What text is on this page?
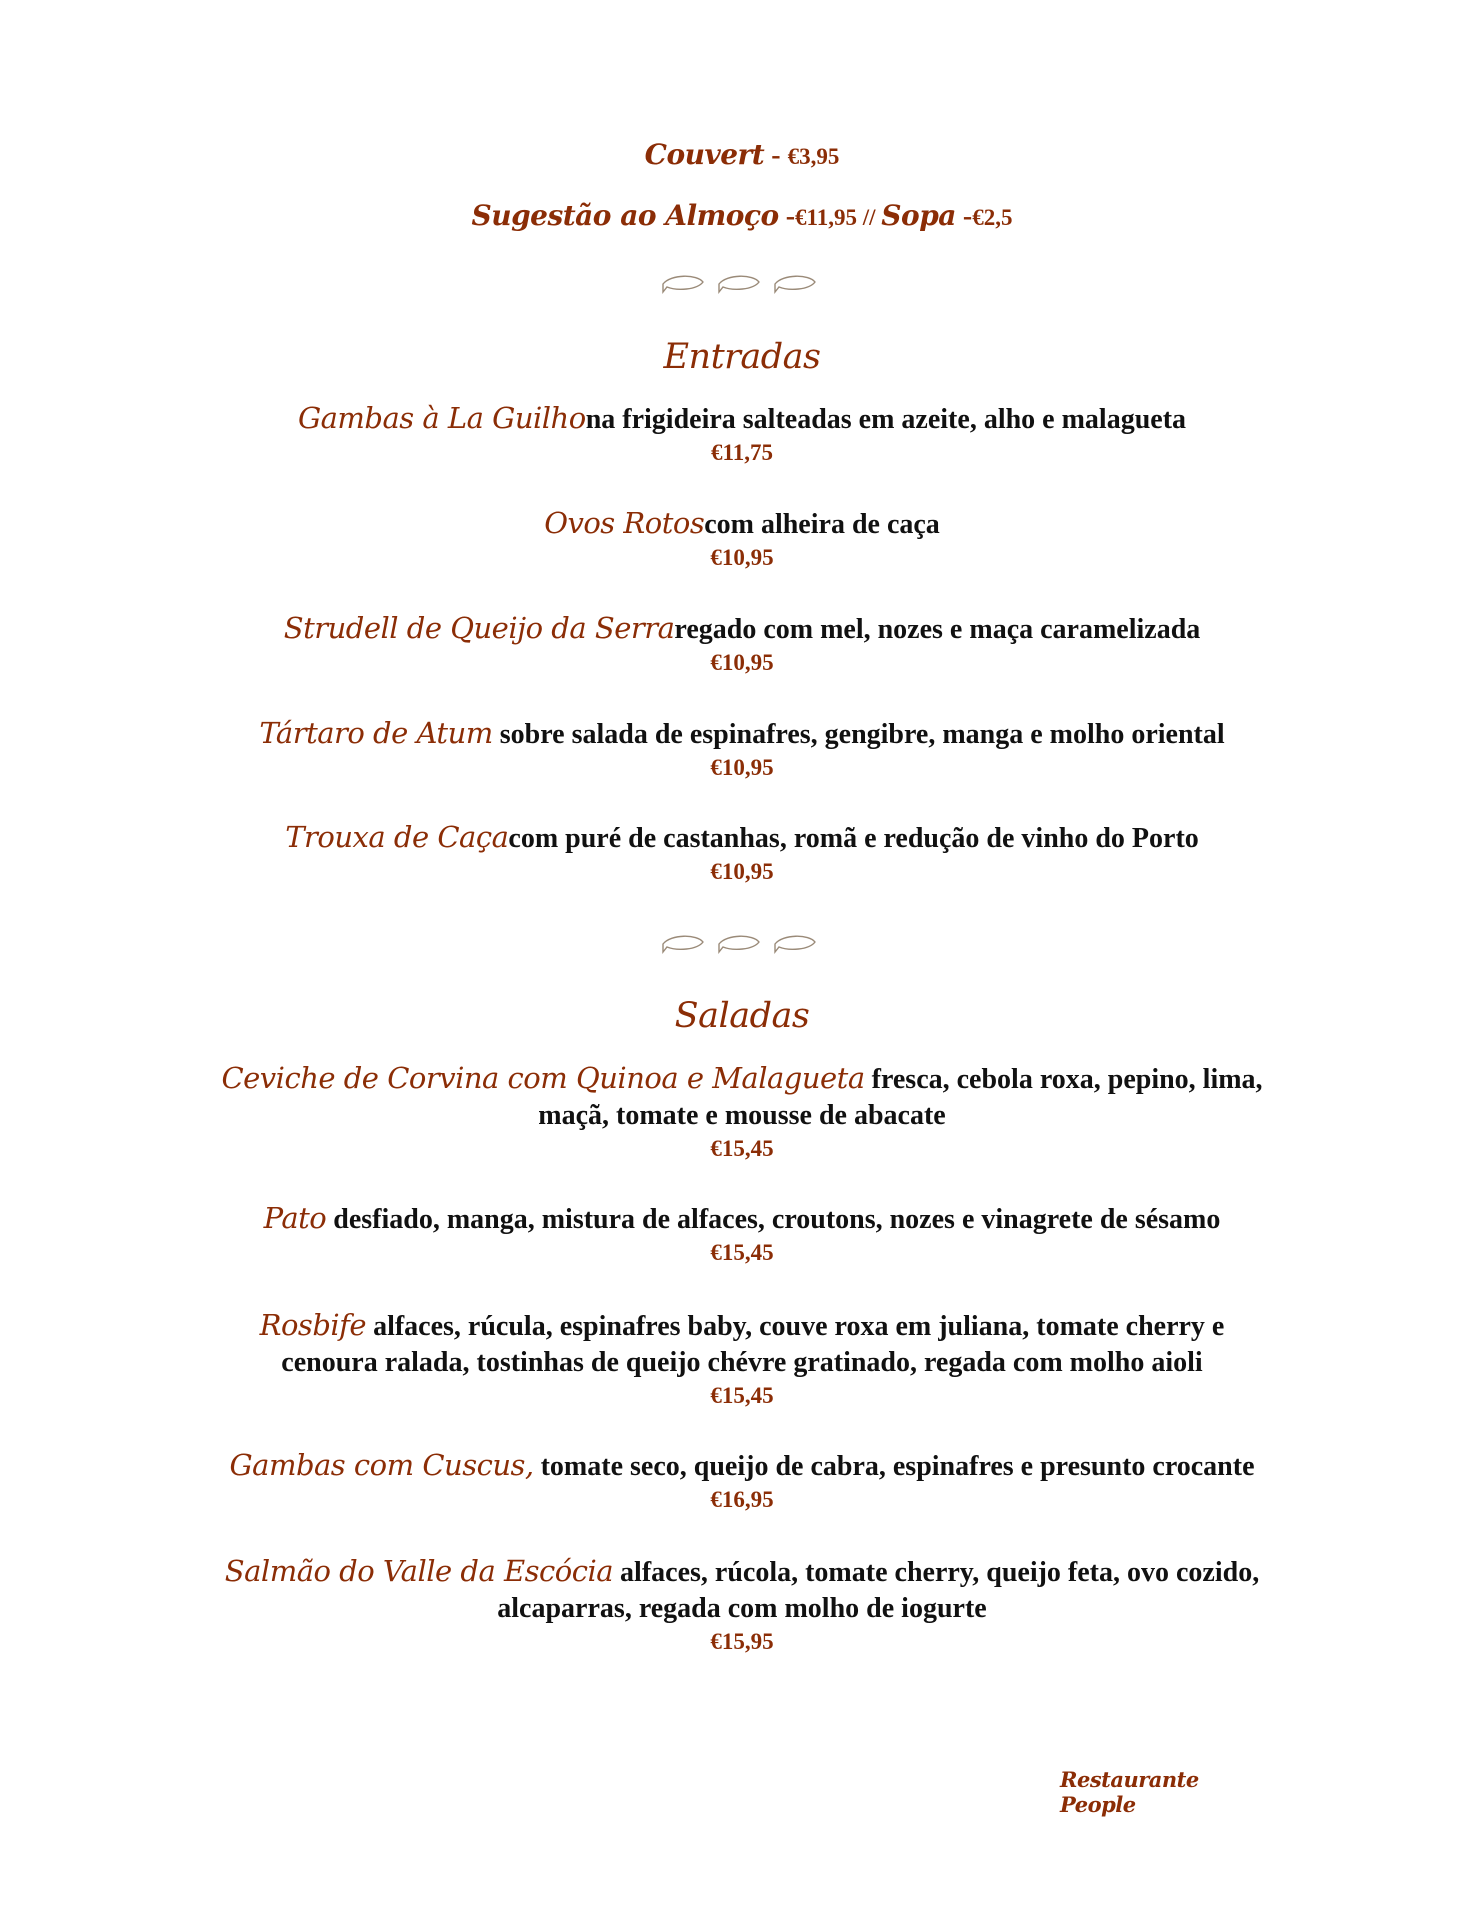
Couvert - €3,95
Sugestão ao Almoço -€11,95 // Sopa -€2,5
Entradas
Gambas à La Guilhona frigideira salteadas em azeite, alho e malagueta
€11,75
Ovos Rotoscom alheira de caça
€10,95
Strudell de Queijo da Serraregado com mel, nozes e maça caramelizada
€10,95
Tártaro de Atum sobre salada de espinafres, gengibre, manga e molho oriental
€10,95
Trouxa de Caçacom puré de castanhas, romã e redução de vinho do Porto
€10,95
Saladas
Ceviche de Corvina com Quinoa e Malagueta fresca, cebola roxa, pepino, lima, maçã, tomate e mousse de abacate
€15,45
Pato desfiado, manga, mistura de alfaces, croutons, nozes e vinagrete de sésamo
€15,45
Rosbife alfaces, rúcula, espinafres baby, couve roxa em juliana, tomate cherry e cenoura ralada, tostinhas de queijo chévre gratinado, regada com molho aioli
€15,45
Gambas com Cuscus, tomate seco, queijo de cabra, espinafres e presunto crocante
€16,95
Salmão do Valle da Escócia alfaces, rúcola, tomate cherry, queijo feta, ovo cozido, alcaparras, regada com molho de iogurte
€15,95
Restaurante People
